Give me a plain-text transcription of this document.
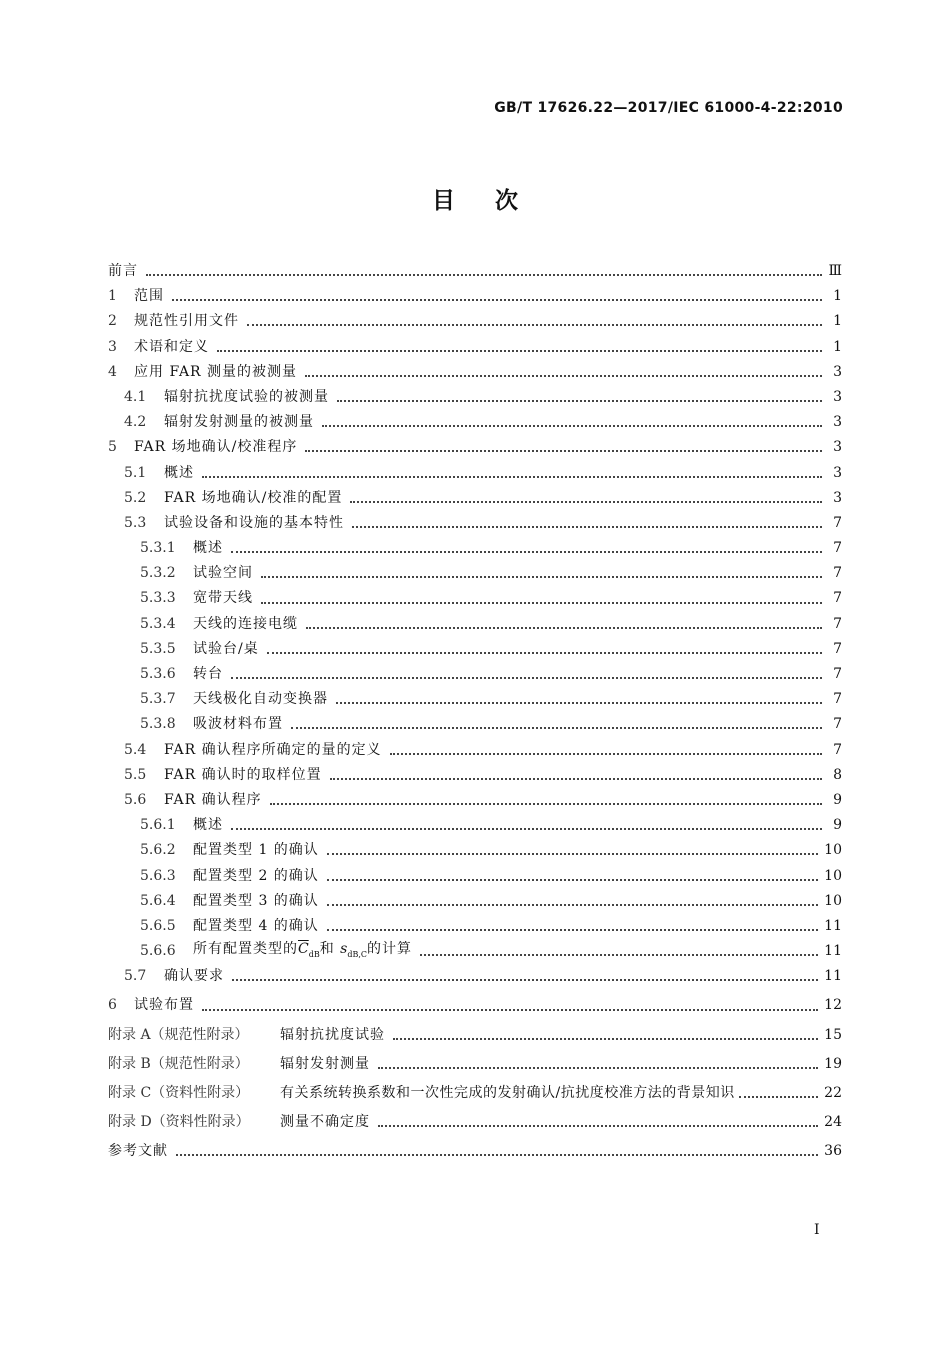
GB/T 17626.22—2017/IEC 61000-4-22:2010
目次
前言	Ⅲ
1	范围	1
2	规范性引用文件	1
3	术语和定义	1
4	应用 FAR 测量的被测量	3
4.1	辐射抗扰度试验的被测量	3
4.2	辐射发射测量的被测量	3
5	FAR 场地确认/校准程序	3
5.1	概述	3
5.2	FAR 场地确认/校准的配置	3
5.3	试验设备和设施的基本特性	7
5.3.1	概述	7
5.3.2	试验空间	7
5.3.3	宽带天线	7
5.3.4	天线的连接电缆	7
5.3.5	试验台/桌	7
5.3.6	转台	7
5.3.7	天线极化自动变换器	7
5.3.8	吸波材料布置	7
5.4	FAR 确认程序所确定的量的定义	7
5.5	FAR 确认时的取样位置	8
5.6	FAR 确认程序	9
5.6.1	概述	9
5.6.2	配置类型 1 的确认	10
5.6.3	配置类型 2 的确认	10
5.6.4	配置类型 3 的确认	10
5.6.5	配置类型 4 的确认	11
5.6.6	所有配置类型的$\overline{C}_{dB}$和 $s_{dB,C}$的计算	11
5.7	确认要求	11
6	试验布置	12
附录 A（规范性附录）	辐射抗扰度试验	15
附录 B（规范性附录）	辐射发射测量	19
附录 C（资料性附录）	有关系统转换系数和一次性完成的发射确认/抗扰度校准方法的背景知识	22
附录 D（资料性附录）	测量不确定度	24
参考文献	36
I
